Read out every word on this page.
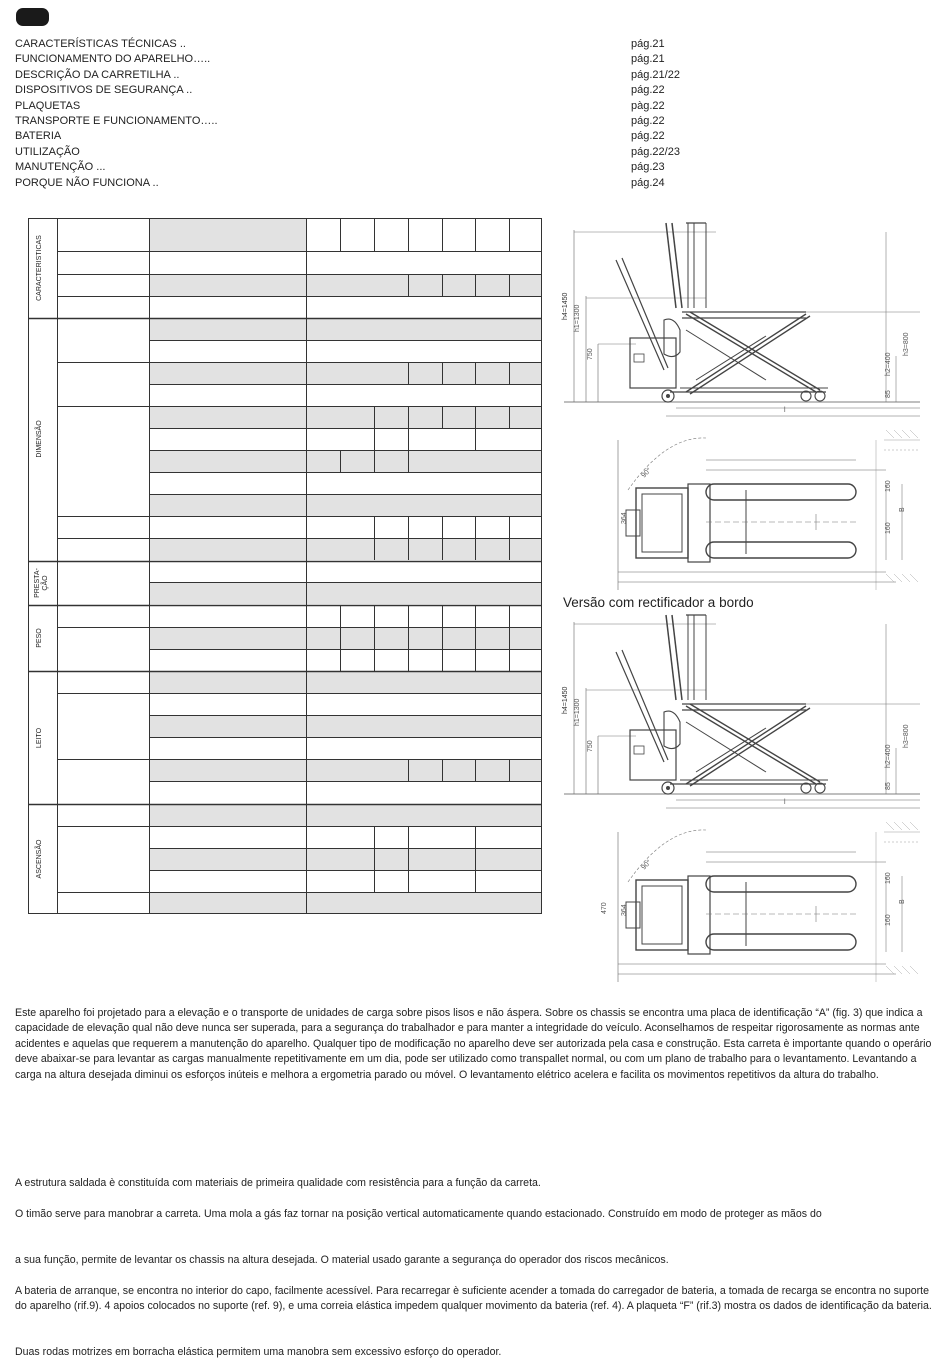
CARACTERÍSTICAS TÉCNICAS ..	pág.21
FUNCIONAMENTO DO APARELHO…..	pág.21
DESCRIÇÃO DA CARRETILHA ..	pág.21/22
DISPOSITIVOS DE SEGURANÇA ..	pág.22
PLAQUETAS	pàg.22
TRANSPORTE E FUNCIONAMENTO…..	pág.22
BATERIA	pág.22
UTILIZAÇÃO	pág.22/23
MANUTENÇÃO ...	pág.23
PORQUE NÃO FUNCIONA ..	pág.24
CARACTERISTICAS
DIMENSÃO
PRESTA-ÇÃO
PESO
LEITO
ASCENSÃO
h4=1450 h1=1300
750	h3=800
h2=400
85
l
90°
364
160
160
B
h4=1450 h1=1300
750	h3=800
h2=400
85
l
90°
364
470
160
160
B
Versão com rectificador a bordo
Este aparelho foi projetado para a elevação e o transporte de unidades de carga sobre pisos lisos e não áspera. Sobre os chassis se encontra uma placa de identificação “A” (fig. 3) que indica a capacidade de elevação qual não deve nunca ser superada, para a segurança do trabalhador e para manter a integridade do veículo. Aconselhamos de respeitar rigorosamente as normas ante acidentes e aquelas que requerem a manutenção do aparelho. Qualquer tipo de modificação no aparelho deve ser autorizada pela casa e construção. Esta carreta è importante quando o operário deve abaixar-se para levantar as cargas manualmente repetitivamente em um dia, pode ser utilizado como transpallet normal, ou com um plano de trabalho para o levantamento. Levantando a carga na altura desejada diminui os esforços inúteis e melhora a ergometria parado ou móvel. O levantamento elétrico acelera e facilita os movimentos repetitivos da altura do trabalho.
A estrutura saldada è constituída com materiais de primeira qualidade com resistência para a função da carreta.
O timão serve para manobrar a carreta. Uma mola a gás faz tornar na posição vertical automaticamente quando estacionado. Construído em modo de proteger as mãos do
a sua função, permite de levantar os chassis na altura desejada. O material usado garante a segurança do operador dos riscos mecânicos.
A bateria de arranque, se encontra no interior do capo, facilmente acessível. Para recarregar è suficiente acender a tomada do carregador de bateria, a tomada de recarga se encontra no suporte do aparelho (rif.9). 4 apoios colocados no suporte (ref. 9), e uma correia elástica impedem qualquer movimento da bateria (ref. 4). A plaqueta “F” (rif.3) mostra os dados de identificação da bateria.
Duas rodas motrizes em borracha elástica permitem uma manobra sem excessivo esforço do operador.
